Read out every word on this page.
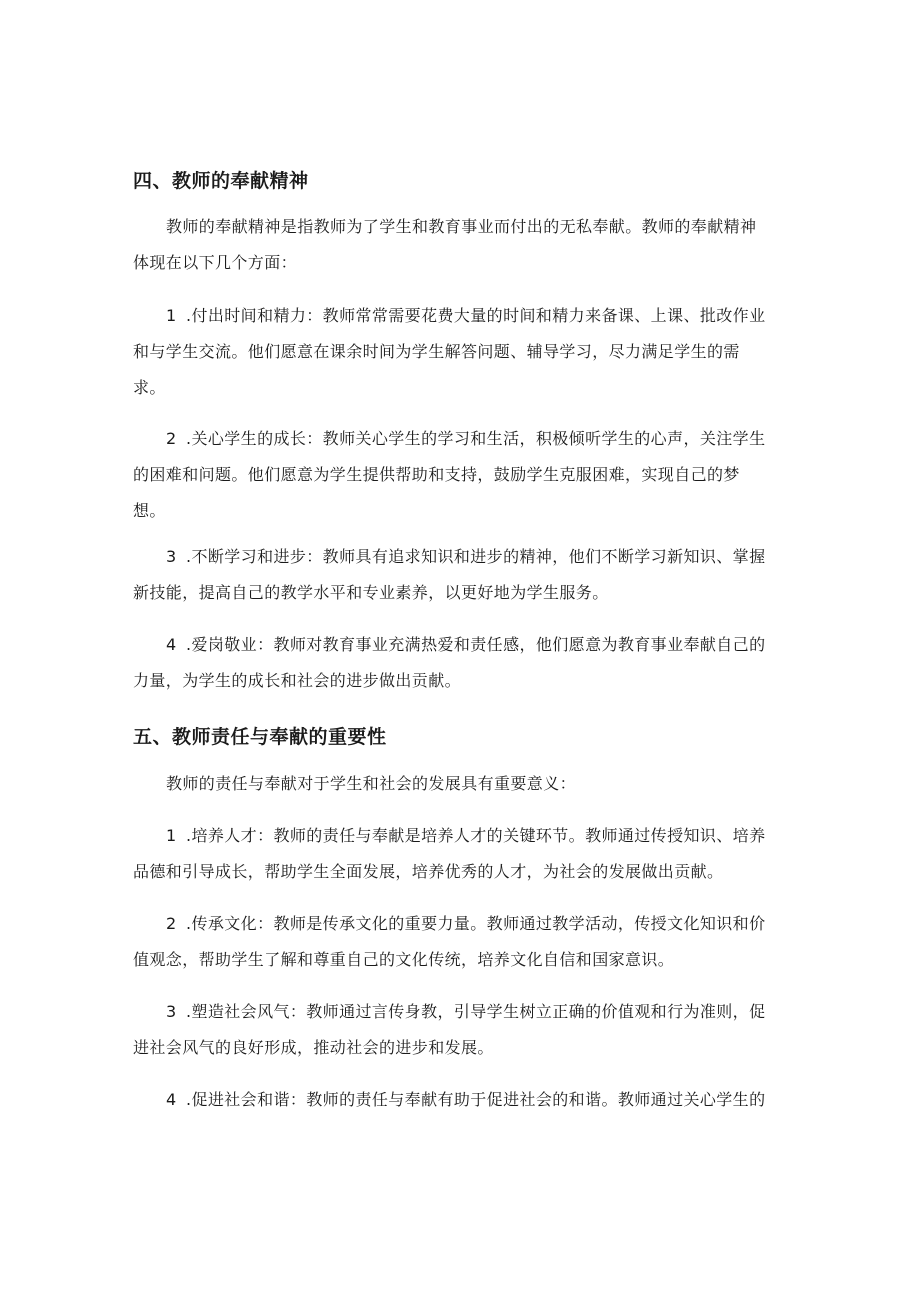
四、教师的奉献精神
教师的奉献精神是指教师为了学生和教育事业而付出的无私奉献。教师的奉献精神
体现在以下几个方面：
1 .付出时间和精力：教师常常需要花费大量的时间和精力来备课、上课、批改作业
和与学生交流。他们愿意在课余时间为学生解答问题、辅导学习，尽力满足学生的需
求。
2 .关心学生的成长：教师关心学生的学习和生活，积极倾听学生的心声，关注学生
的困难和问题。他们愿意为学生提供帮助和支持，鼓励学生克服困难，实现自己的梦
想。
3 .不断学习和进步：教师具有追求知识和进步的精神，他们不断学习新知识、掌握
新技能，提高自己的教学水平和专业素养，以更好地为学生服务。
4 .爱岗敬业：教师对教育事业充满热爱和责任感，他们愿意为教育事业奉献自己的
力量，为学生的成长和社会的进步做出贡献。
五、教师责任与奉献的重要性
教师的责任与奉献对于学生和社会的发展具有重要意义：
1 .培养人才：教师的责任与奉献是培养人才的关键环节。教师通过传授知识、培养
品德和引导成长，帮助学生全面发展，培养优秀的人才，为社会的发展做出贡献。
2 .传承文化：教师是传承文化的重要力量。教师通过教学活动，传授文化知识和价
值观念，帮助学生了解和尊重自己的文化传统，培养文化自信和国家意识。
3 .塑造社会风气：教师通过言传身教，引导学生树立正确的价值观和行为准则，促
进社会风气的良好形成，推动社会的进步和发展。
4 .促进社会和谐：教师的责任与奉献有助于促进社会的和谐。教师通过关心学生的
